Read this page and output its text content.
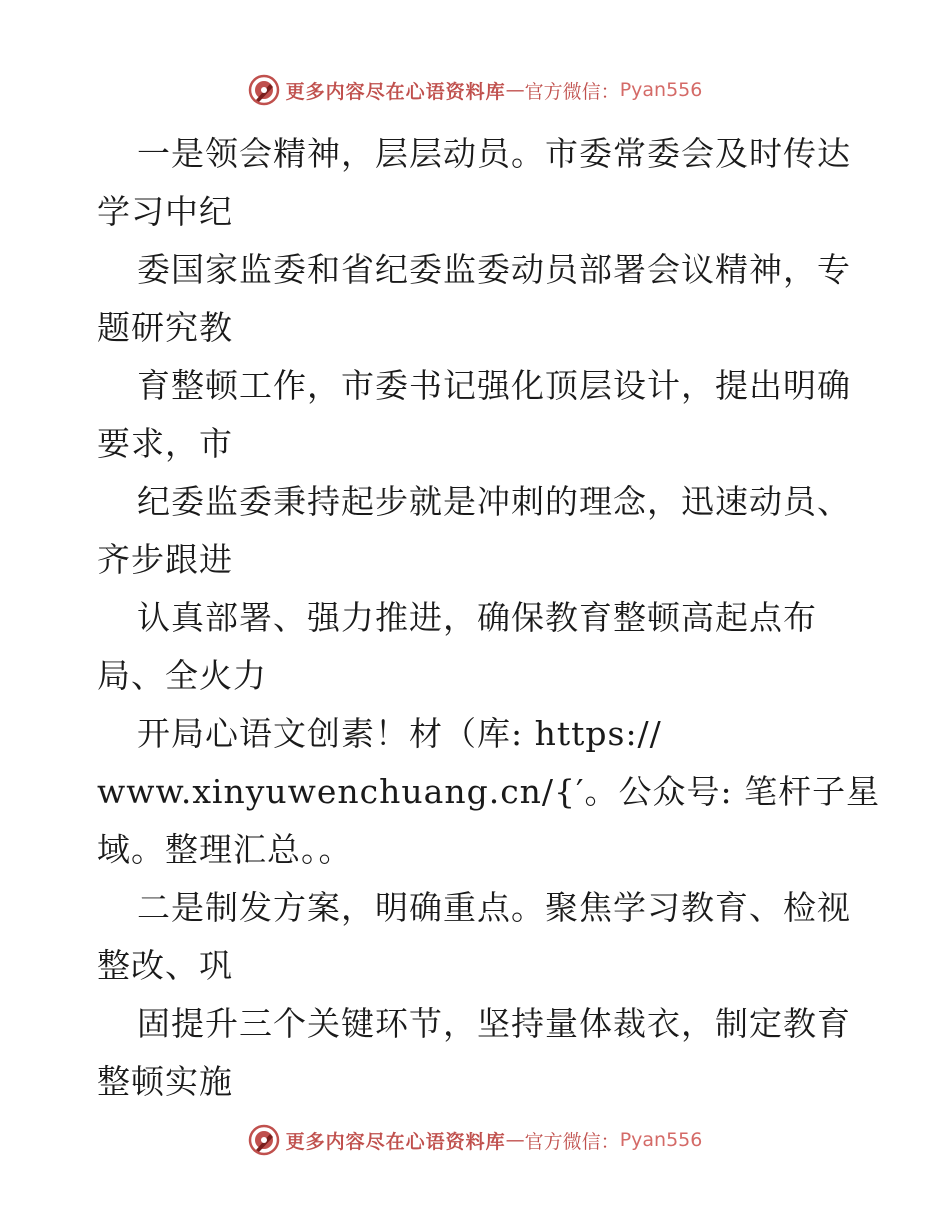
更多内容尽在心语资料库 — 官方微信： Pyan556
一是领会精神，层层动员。市委常委会及时传达
学习中纪
委国家监委和省纪委监委动员部署会议精神，专
题研究教
育整顿工作，市委书记强化顶层设计，提出明确
要求，市
纪委监委秉持起步就是冲刺的理念，迅速动员、
齐步跟进
认真部署、强力推进，确保教育整顿高起点布
局、全火力
开局心语文创素！材（库: https://
www.xinyuwenchuang.cn/{′。公众号: 笔杆子星
域。整理汇总。。
二是制发方案，明确重点。聚焦学习教育、检视
整改、巩
固提升三个关键环节，坚持量体裁衣，制定教育
整顿实施
更多内容尽在心语资料库 — 官方微信： Pyan556
